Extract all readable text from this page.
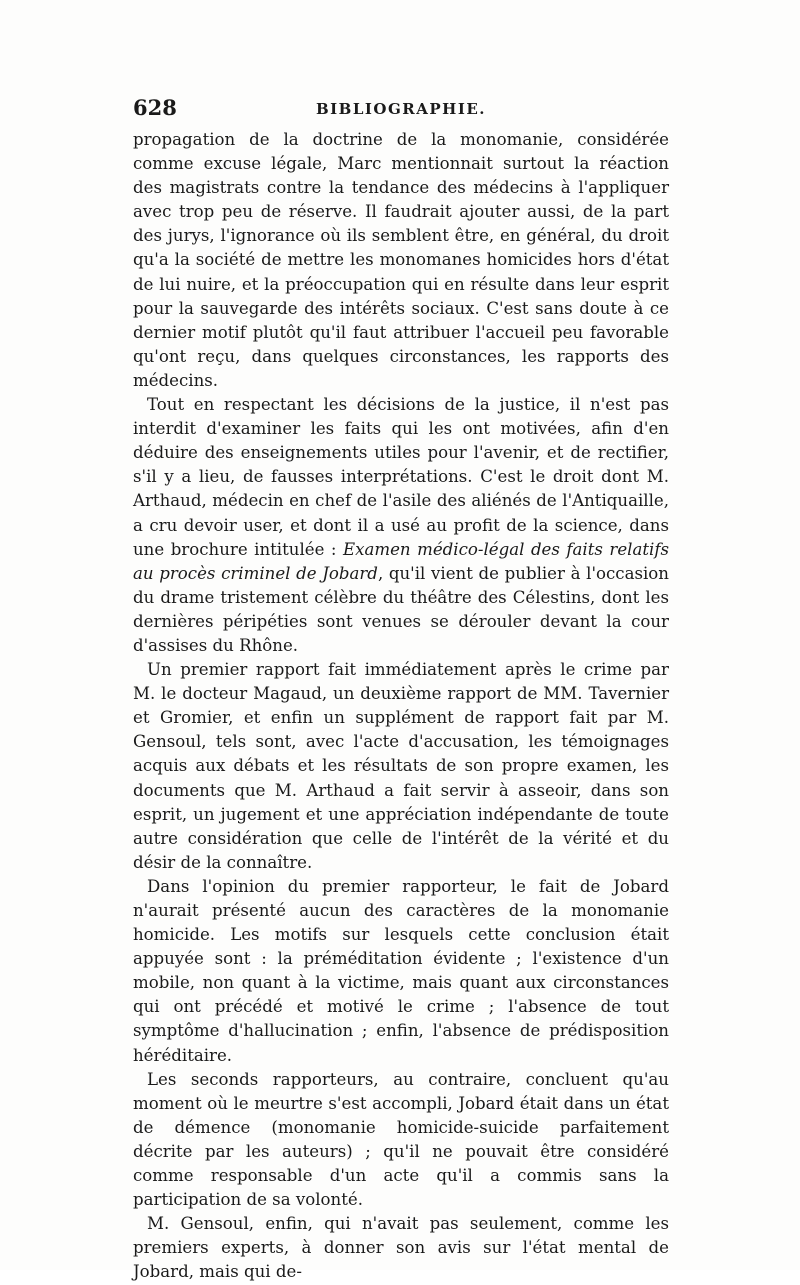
628	BIBLIOGRAPHIE.

propagation de la doctrine de la monomanie, considérée comme excuse légale, Marc mentionnait surtout la réaction des magistrats contre la tendance des médecins à l'appliquer avec trop peu de réserve. Il faudrait ajouter aussi, de la part des jurys, l'ignorance où ils semblent être, en général, du droit qu'a la société de mettre les monomanes homicides hors d'état de lui nuire, et la préoccupation qui en résulte dans leur esprit pour la sauvegarde des intérêts sociaux. C'est sans doute à ce dernier motif plutôt qu'il faut attribuer l'accueil peu favorable qu'ont reçu, dans quelques circonstances, les rapports des médecins.

Tout en respectant les décisions de la justice, il n'est pas interdit d'examiner les faits qui les ont motivées, afin d'en déduire des enseignements utiles pour l'avenir, et de rectifier, s'il y a lieu, de fausses interprétations. C'est le droit dont M. Arthaud, médecin en chef de l'asile des aliénés de l'Antiquaille, a cru devoir user, et dont il a usé au profit de la science, dans une brochure intitulée : Examen médico-légal des faits relatifs au procès criminel de Jobard, qu'il vient de publier à l'occasion du drame tristement célèbre du théâtre des Célestins, dont les dernières péripéties sont venues se dérouler devant la cour d'assises du Rhône.

Un premier rapport fait immédiatement après le crime par M. le docteur Magaud, un deuxième rapport de MM. Tavernier et Gromier, et enfin un supplément de rapport fait par M. Gensoul, tels sont, avec l'acte d'accusation, les témoignages acquis aux débats et les résultats de son propre examen, les documents que M. Arthaud a fait servir à asseoir, dans son esprit, un jugement et une appréciation indépendante de toute autre considération que celle de l'intérêt de la vérité et du désir de la connaître.

Dans l'opinion du premier rapporteur, le fait de Jobard n'aurait présenté aucun des caractères de la monomanie homicide. Les motifs sur lesquels cette conclusion était appuyée sont : la préméditation évidente ; l'existence d'un mobile, non quant à la victime, mais quant aux circonstances qui ont précédé et motivé le crime ; l'absence de tout symptôme d'hallucination ; enfin, l'absence de prédisposition héréditaire.

Les seconds rapporteurs, au contraire, concluent qu'au moment où le meurtre s'est accompli, Jobard était dans un état de démence (monomanie homicide-suicide parfaitement décrite par les auteurs) ; qu'il ne pouvait être considéré comme responsable d'un acte qu'il a commis sans la participation de sa volonté.

M. Gensoul, enfin, qui n'avait pas seulement, comme les premiers experts, à donner son avis sur l'état mental de Jobard, mais qui de-
